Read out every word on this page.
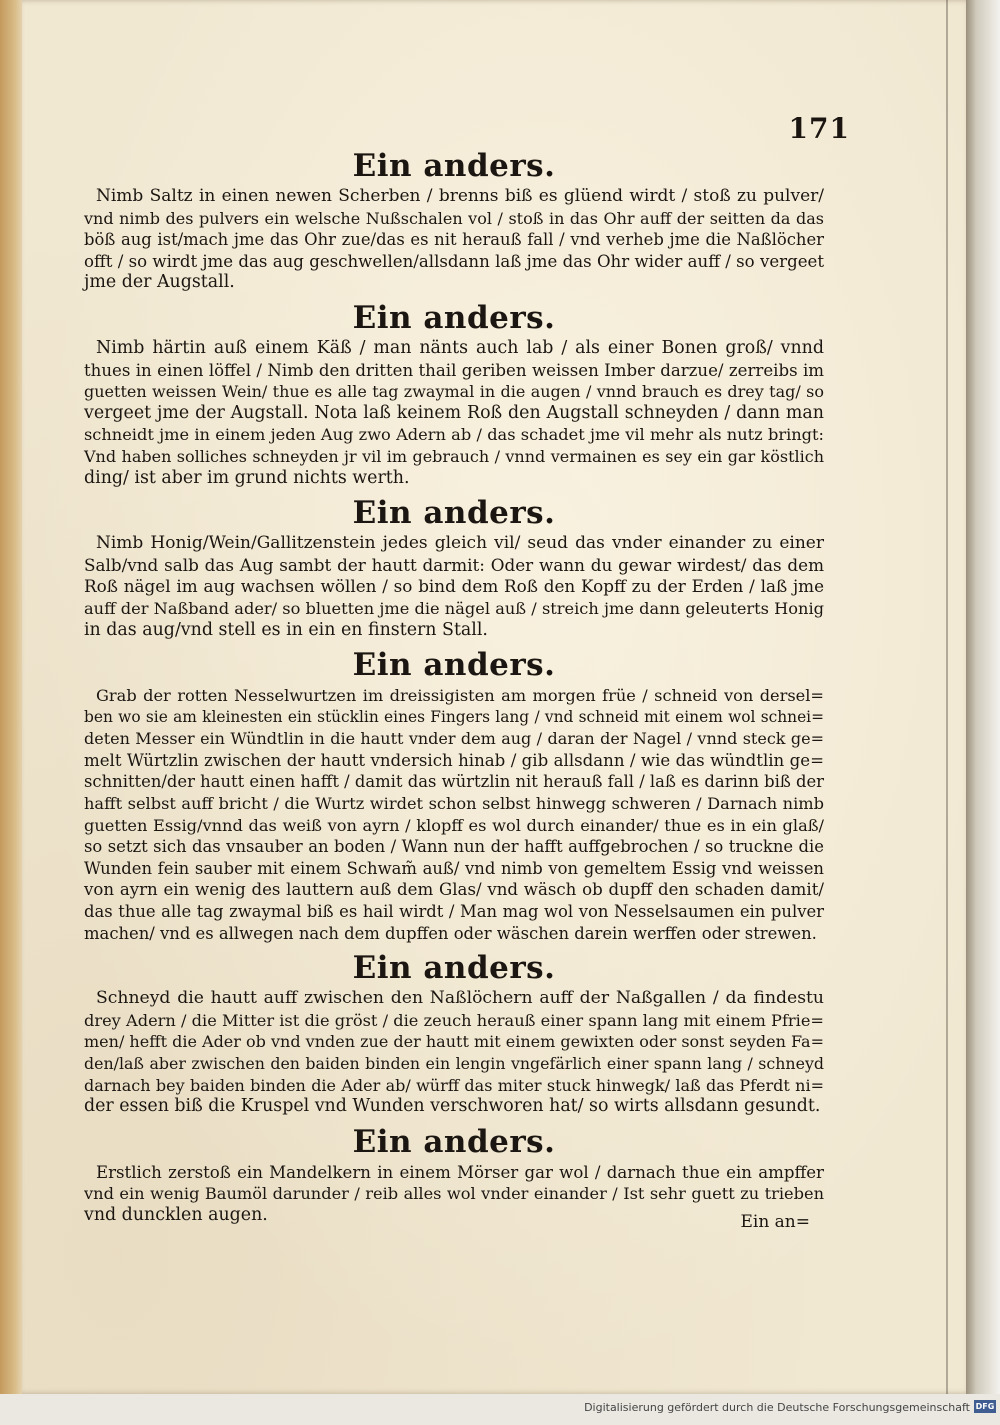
171
Ein anders.
Nimb Saltz in einen newen Scherben / brenns biß es glüend wirdt / stoß zu pulver/
vnd nimb des pulvers ein welsche Nußschalen vol / stoß in das Ohr auff der seitten da das
böß aug ist/mach jme das Ohr zue/das es nit herauß fall / vnd verheb jme die Naßlöcher
offt / so wirdt jme das aug geschwellen/allsdann laß jme das Ohr wider auff / so vergeet
jme der Augstall.
Ein anders.
Nimb härtin auß einem Käß / man nänts auch lab / als einer Bonen groß/ vnnd
thues in einen löffel / Nimb den dritten thail geriben weissen Imber darzue/ zerreibs im
guetten weissen Wein/ thue es alle tag zwaymal in die augen / vnnd brauch es drey tag/ so
vergeet jme der Augstall. Nota laß keinem Roß den Augstall schneyden / dann man
schneidt jme in einem jeden Aug zwo Adern ab / das schadet jme vil mehr als nutz bringt:
Vnd haben solliches schneyden jr vil im gebrauch / vnnd vermainen es sey ein gar köstlich
ding/ ist aber im grund nichts werth.
Ein anders.
Nimb Honig/Wein/Gallitzenstein jedes gleich vil/ seud das vnder einander zu einer
Salb/vnd salb das Aug sambt der hautt darmit: Oder wann du gewar wirdest/ das dem
Roß nägel im aug wachsen wöllen / so bind dem Roß den Kopff zu der Erden / laß jme
auff der Naßband ader/ so bluetten jme die nägel auß / streich jme dann geleuterts Honig
in das aug/vnd stell es in ein en finstern Stall.
Ein anders.
Grab der rotten Nesselwurtzen im dreissigisten am morgen früe / schneid von dersel=
ben wo sie am kleinesten ein stücklin eines Fingers lang / vnd schneid mit einem wol schnei=
deten Messer ein Wündtlin in die hautt vnder dem aug / daran der Nagel / vnnd steck ge=
melt Würtzlin zwischen der hautt vndersich hinab / gib allsdann / wie das wündtlin ge=
schnitten/der hautt einen hafft / damit das würtzlin nit herauß fall / laß es darinn biß der
hafft selbst auff bricht / die Wurtz wirdet schon selbst hinwegg schweren / Darnach nimb
guetten Essig/vnnd das weiß von ayrn / klopff es wol durch einander/ thue es in ein glaß/
so setzt sich das vnsauber an boden / Wann nun der hafft auffgebrochen / so truckne die
Wunden fein sauber mit einem Schwam̃ auß/ vnd nimb von gemeltem Essig vnd weissen
von ayrn ein wenig des lauttern auß dem Glas/ vnd wäsch ob dupff den schaden damit/
das thue alle tag zwaymal biß es hail wirdt / Man mag wol von Nesselsaumen ein pulver
machen/ vnd es allwegen nach dem dupffen oder wäschen darein werffen oder strewen.
Ein anders.
Schneyd die hautt auff zwischen den Naßlöchern auff der Naßgallen / da findestu
drey Adern / die Mitter ist die gröst / die zeuch herauß einer spann lang mit einem Pfrie=
men/ hefft die Ader ob vnd vnden zue der hautt mit einem gewixten oder sonst seyden Fa=
den/laß aber zwischen den baiden binden ein lengin vngefärlich einer spann lang / schneyd
darnach bey baiden binden die Ader ab/ würff das miter stuck hinwegk/ laß das Pferdt ni=
der essen biß die Kruspel vnd Wunden verschworen hat/ so wirts allsdann gesundt.
Ein anders.
Erstlich zerstoß ein Mandelkern in einem Mörser gar wol / darnach thue ein ampffer
vnd ein wenig Baumöl darunder / reib alles wol vnder einander / Ist sehr guett zu trieben
vnd duncklen augen.	Ein an=
Digitalisierung gefördert durch die Deutsche Forschungsgemeinschaft DFG
